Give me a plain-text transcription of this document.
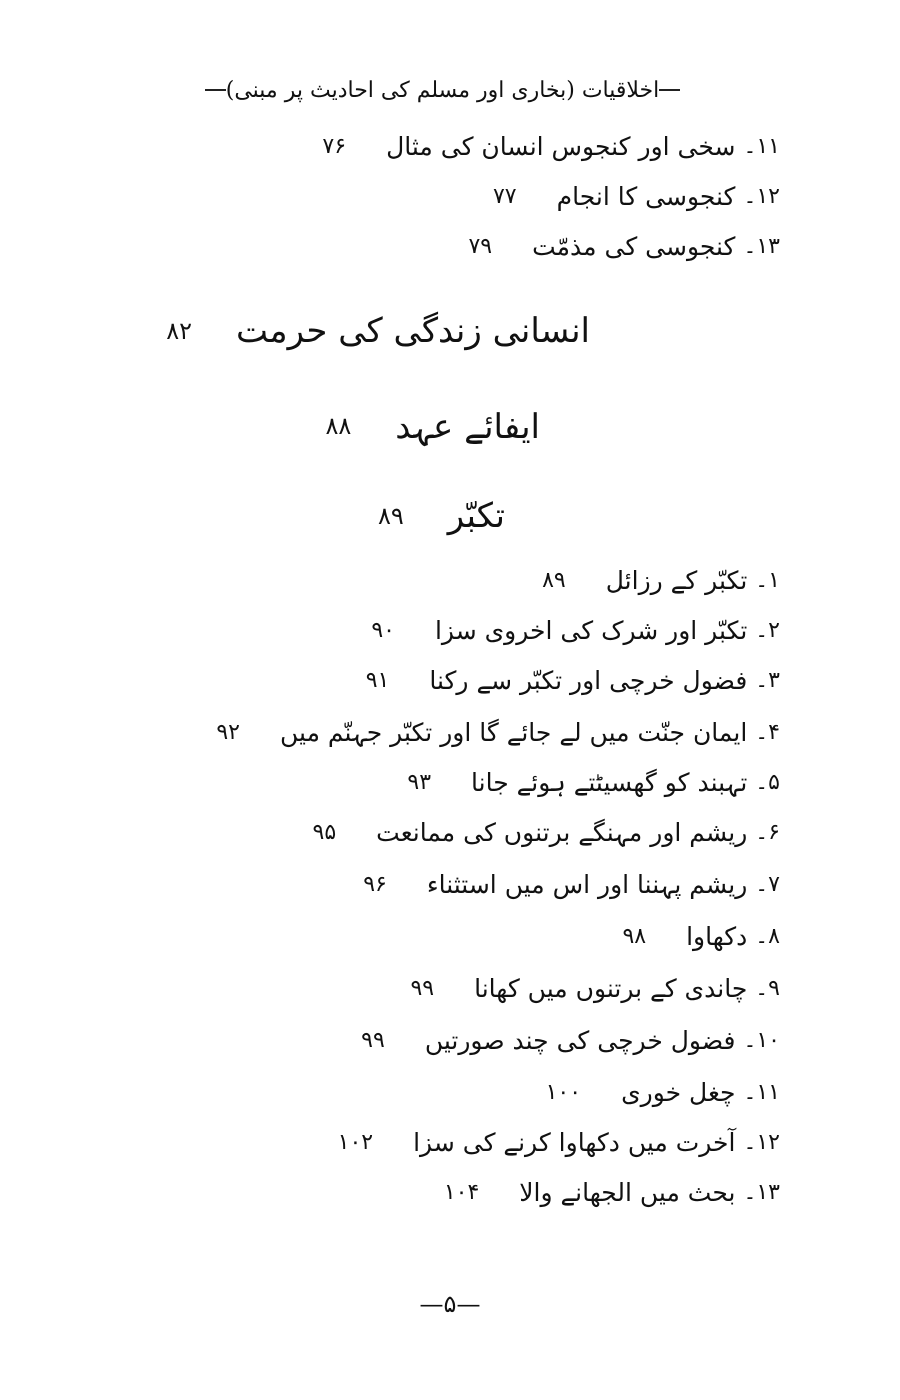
اخلاقیات (بخاری اور مسلم کی احادیث پر مبنی)
۱۱۔
سخی اور کنجوس انسان کی مثال
۷۶
۱۲۔
کنجوسی کا انجام
۷۷
۱۳۔
کنجوسی کی مذمّت
۷۹
انسانی زندگی کی حرمت
۸۲
ایفائے عہد
۸۸
تکبّر
۸۹
۱۔
تکبّر کے رزائل
۸۹
۲۔
تکبّر اور شرک کی اخروی سزا
۹۰
۳۔
فضول خرچی اور تکبّر سے رکنا
۹۱
۴۔
ایمان جنّت میں لے جائے گا اور تکبّر جہنّم میں
۹۲
۵۔
تہبند کو گھسیٹتے ہوئے جانا
۹۳
۶۔
ریشم اور مہنگے برتنوں کی ممانعت
۹۵
۷۔
ریشم پہننا اور اس میں استثناء
۹۶
۸۔
دکھاوا
۹۸
۹۔
چاندی کے برتنوں میں کھانا
۹۹
۱۰۔
فضول خرچی کی چند صورتیں
۹۹
۱۱۔
چغل خوری
۱۰۰
۱۲۔
آخرت میں دکھاوا کرنے کی سزا
۱۰۲
۱۳۔
بحث میں الجھانے والا
۱۰۴
—۵—
